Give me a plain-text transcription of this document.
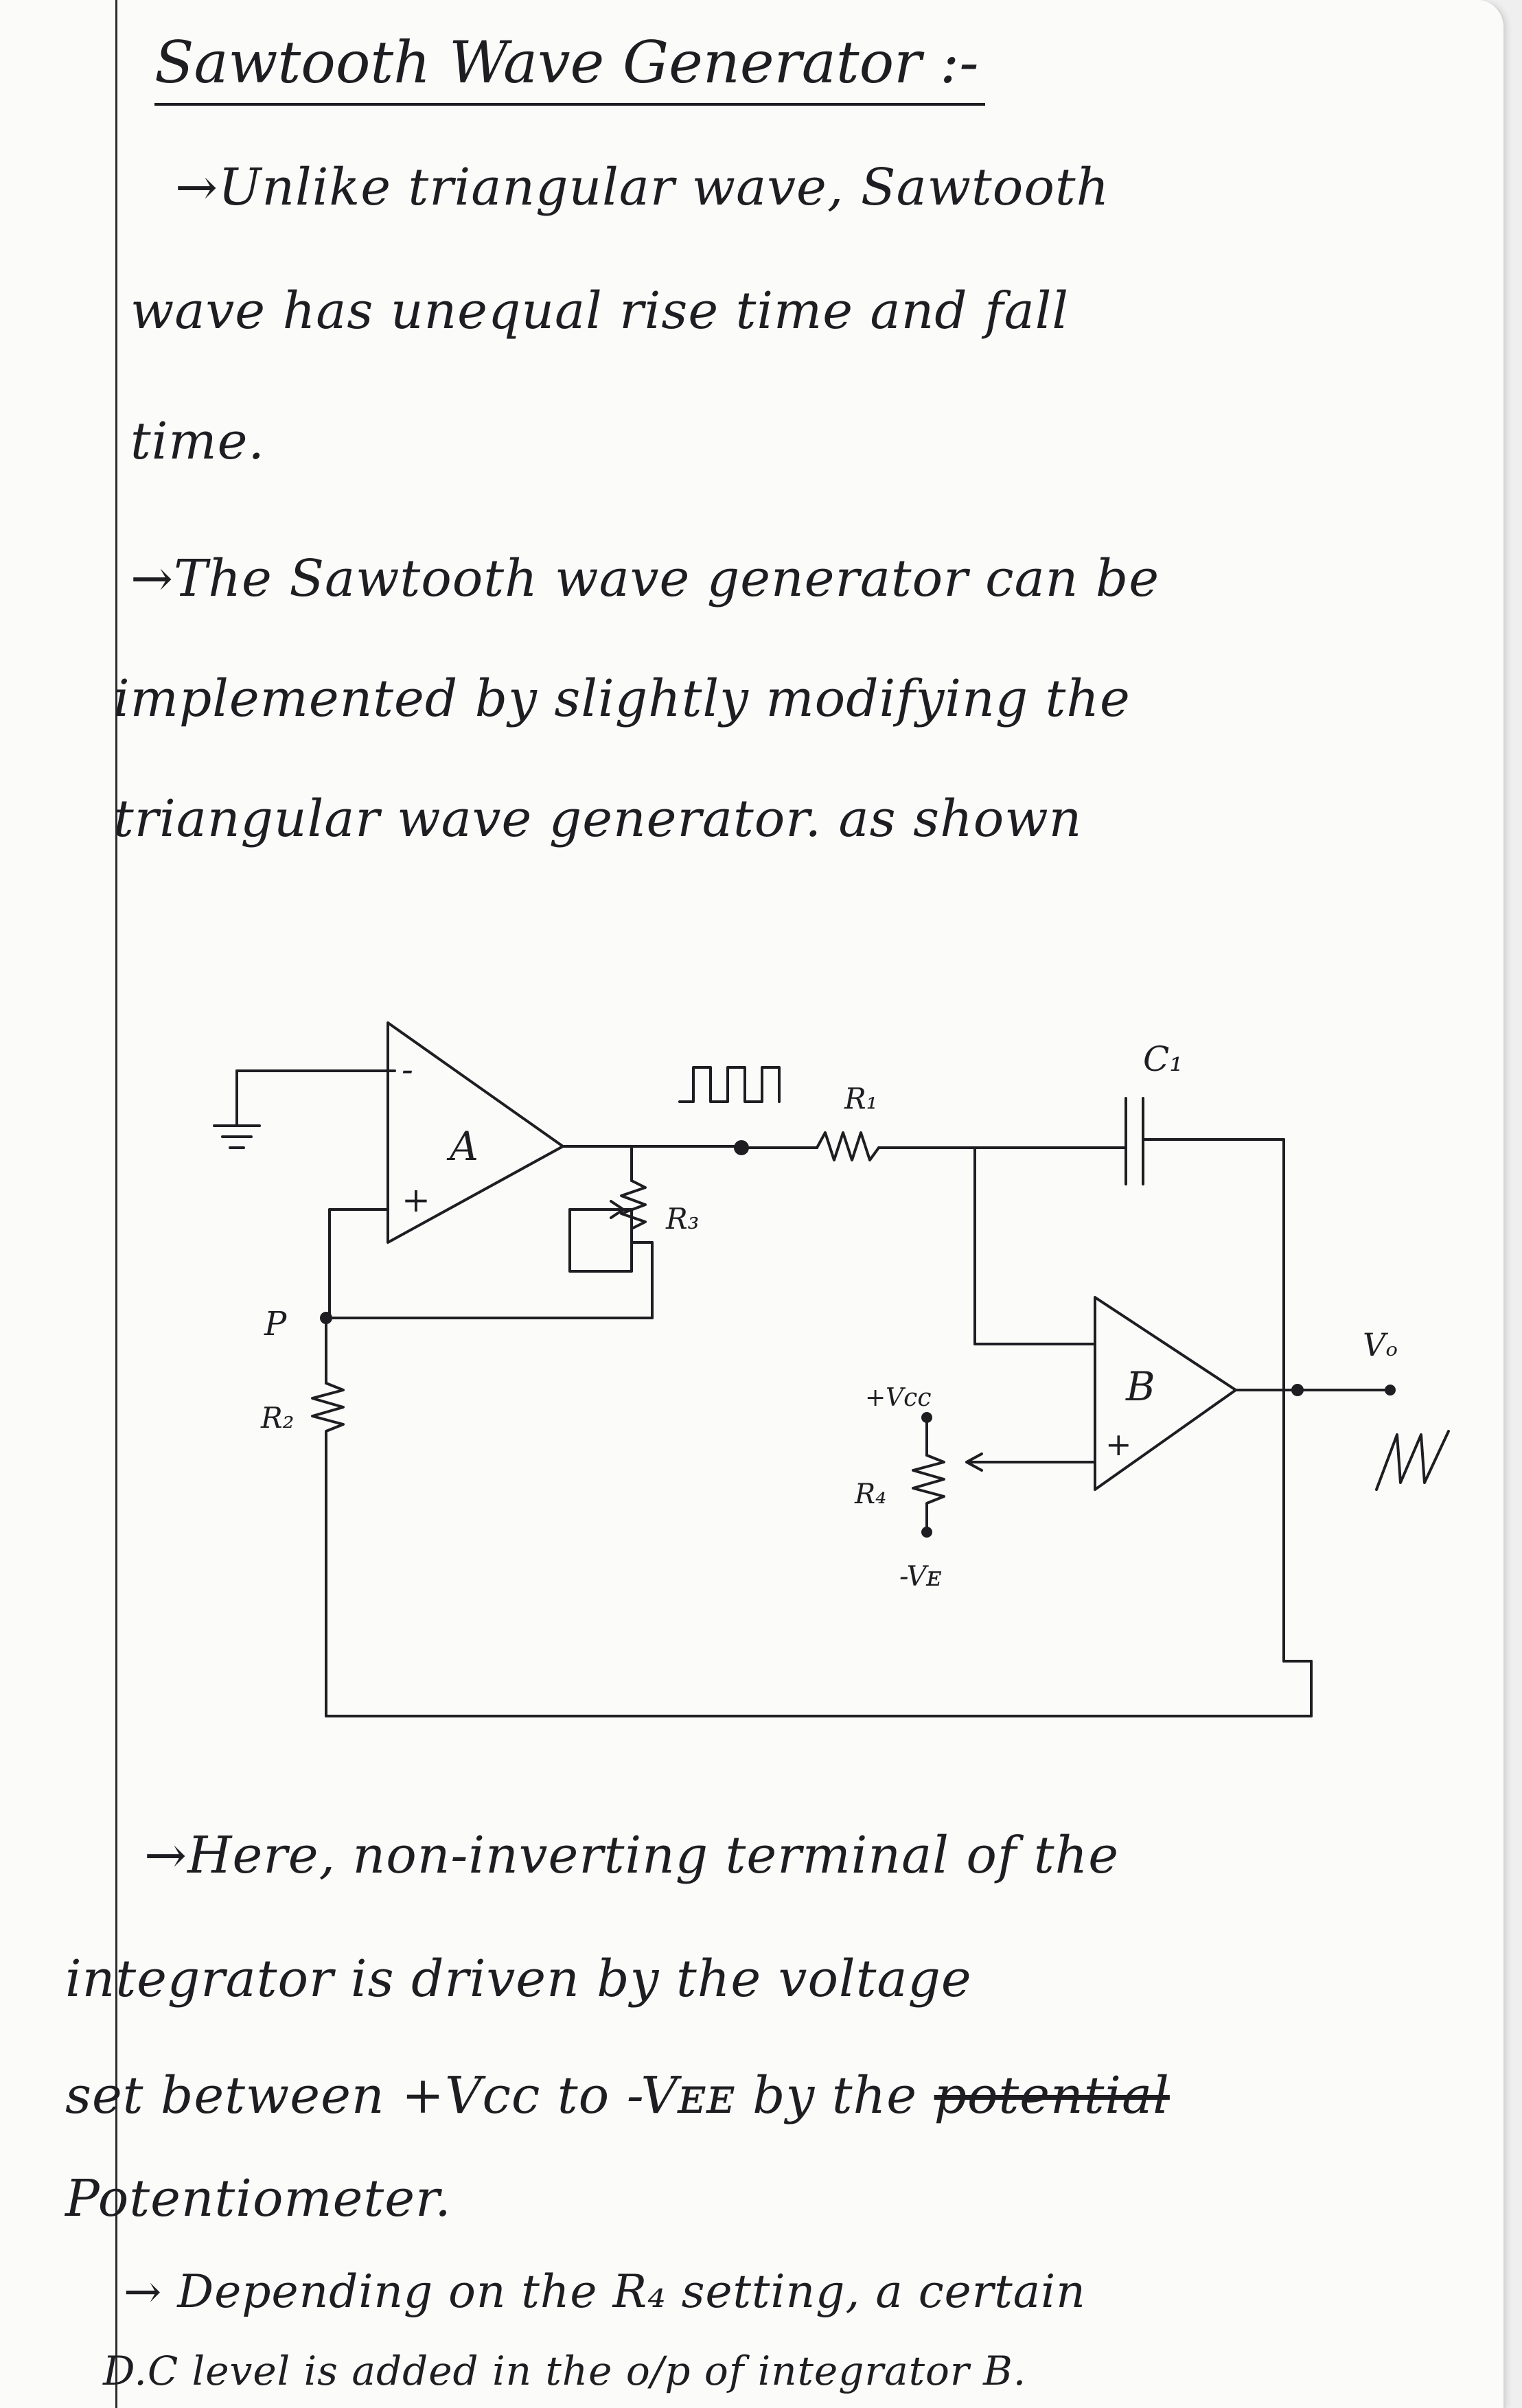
Sawtooth Wave Generator :-
→Unlike triangular wave, Sawtooth
wave has unequal rise time and fall
time.
→The Sawtooth wave generator can be
implemented by slightly modifying the
triangular wave generator. as shown
A
-
+
P
R₃
R₁
C₁
B
+
Vₒ
+Vcc
R₄
-Vᴇ
R₂
→Here, non-inverting terminal of the
integrator is driven by the voltage
set between +Vcc to -Vᴇᴇ by the potential
Potentiometer.
→ Depending on the R₄ setting, a certain
D.C level is added in the o/p of integrator B.
